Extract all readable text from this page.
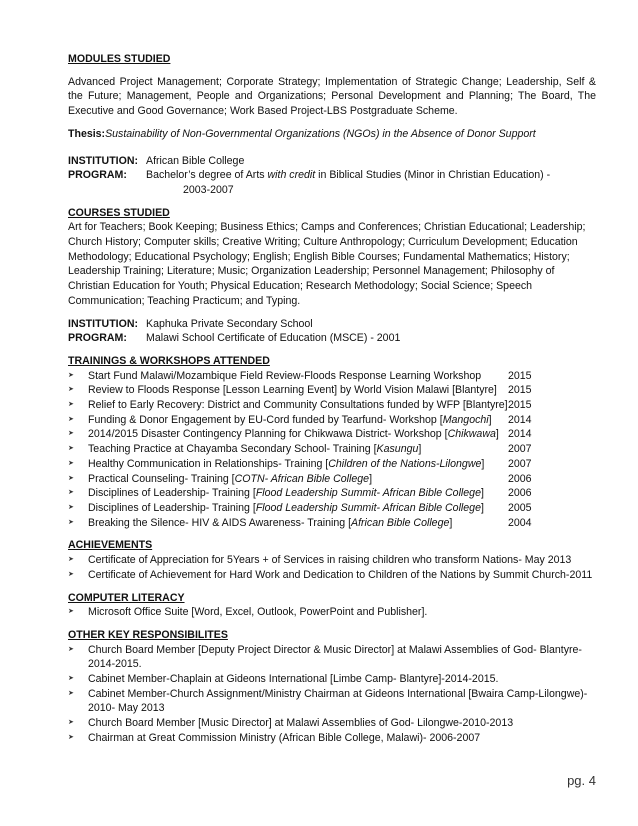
MODULES STUDIED

Advanced Project Management; Corporate Strategy; Implementation of Strategic Change; Leadership, Self & the Future; Management, People and Organizations; Personal Development and Planning; The Board, The Executive and Good Governance; Work Based Project-LBS Postgraduate Scheme.

Thesis:Sustainability of Non-Governmental Organizations (NGOs) in the Absence of Donor Support

INSTITUTION: African Bible College
PROGRAM:	Bachelor’s degree of Arts with credit in Biblical Studies (Minor in Christian Education) -

2003-2007

COURSES STUDIED

Art for Teachers; Book Keeping; Business Ethics; Camps and Conferences; Christian Educational; Leadership; Church History; Computer skills; Creative Writing; Culture Anthropology; Curriculum Development; Education Methodology; Educational Psychology; English; English Bible Courses; Fundamental Mathematics; History; Leadership Training; Literature; Music; Organization Leadership; Personnel Management; Philosophy of Christian Education for Youth; Physical Education; Research Methodology; Social Science; Speech Communication; Teaching Practicum; and Typing.

INSTITUTION: Kaphuka Private Secondary School
PROGRAM:	Malawi School Certificate of Education (MSCE) - 2001

TRAININGS & WORKSHOPS ATTENDED

➤	Start Fund Malawi/Mozambique Field Review-Floods Response Learning Workshop	2015
➤	Review to Floods Response [Lesson Learning Event] by World Vision Malawi [Blantyre]	2015
➤	Relief to Early Recovery: District and Community Consultations funded by WFP [Blantyre] 2015
➤	Funding & Donor Engagement by EU-Cord funded by Tearfund- Workshop [Mangochi]	2014
➤	2014/2015 Disaster Contingency Planning for Chikwawa District- Workshop [Chikwawa] 2014
➤	Teaching Practice at Chayamba Secondary School- Training [Kasungu]	2007
➤	Healthy Communication in Relationships- Training [Children of the Nations-Lilongwe]	2007
➤	Practical Counseling- Training [COTN- African Bible College]	2006
➤	Disciplines of Leadership- Training [Flood Leadership Summit- African Bible College]	2006
➤	Disciplines of Leadership- Training [Flood Leadership Summit- African Bible College]	2005
➤	Breaking the Silence- HIV & AIDS Awareness- Training [African Bible College]	2004

ACHIEVEMENTS

➤	Certificate of Appreciation for 5Years + of Services in raising children who transform Nations- May 2013
➤	Certificate of Achievement for Hard Work and Dedication to Children of the Nations by Summit Church-2011

COMPUTER LITERACY

➤	Microsoft Office Suite [Word, Excel, Outlook, PowerPoint and Publisher].

OTHER KEY RESPONSIBILITES

➤	Church Board Member [Deputy Project Director & Music Director] at Malawi Assemblies of God- Blantyre- 2014-2015.
➤	Cabinet Member-Chaplain at Gideons International [Limbe Camp- Blantyre]-2014-2015.
➤	Cabinet Member-Church Assignment/Ministry Chairman at Gideons International [Bwaira Camp-Lilongwe)- 2010- May 2013
➤	Church Board Member [Music Director] at Malawi Assemblies of God- Lilongwe-2010-2013
➤	Chairman at Great Commission Ministry (African Bible College, Malawi)- 2006-2007
pg. 4
